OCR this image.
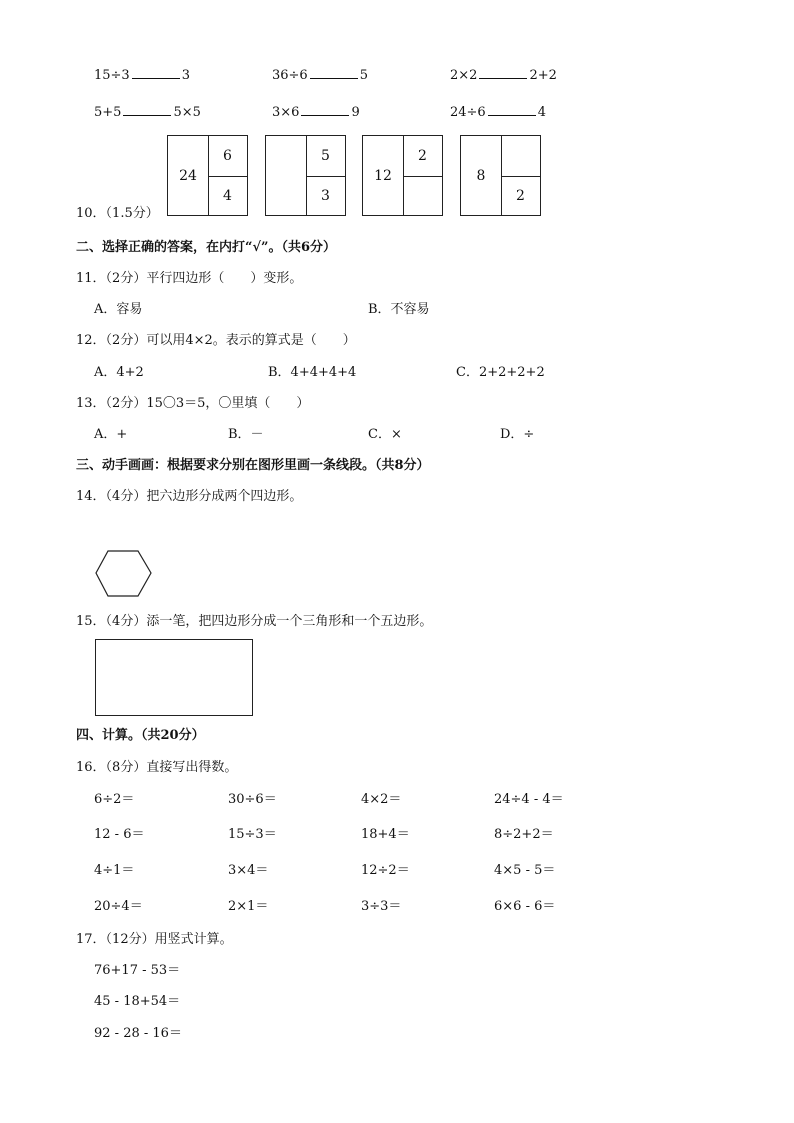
15÷3	3	36÷6	5	2×2	2+2
5+5	5×5	3×6	9	24÷6	4
24
6
4
5
3
12
2
8
2
10．（1.5分）
二、选择正确的答案，在内打“√”。（共6分）
11．（2分）平行四边形（　　）变形。
A．容易	B．不容易
12．（2分）可以用4×2。表示的算式是（　　）
A．4+2	B．4+4+4+4	C．2+2+2+2
13．（2分）15〇3＝5，〇里填（　　）
A．+	B．－	C．×	D．÷
三、动手画画：根据要求分别在图形里画一条线段。（共8分）
14．（4分）把六边形分成两个四边形。
15．（4分）添一笔，把四边形分成一个三角形和一个五边形。
四、计算。（共20分）
16．（8分）直接写出得数。
6÷2＝	30÷6＝	4×2＝	24÷4 - 4＝
12 - 6＝	15÷3＝	18+4＝	8÷2+2＝
4÷1＝	3×4＝	12÷2＝	4×5 - 5＝
20÷4＝	2×1＝	3÷3＝	6×6 - 6＝
17．（12分）用竖式计算。
76+17 - 53＝
45 - 18+54＝
92 - 28 - 16＝
